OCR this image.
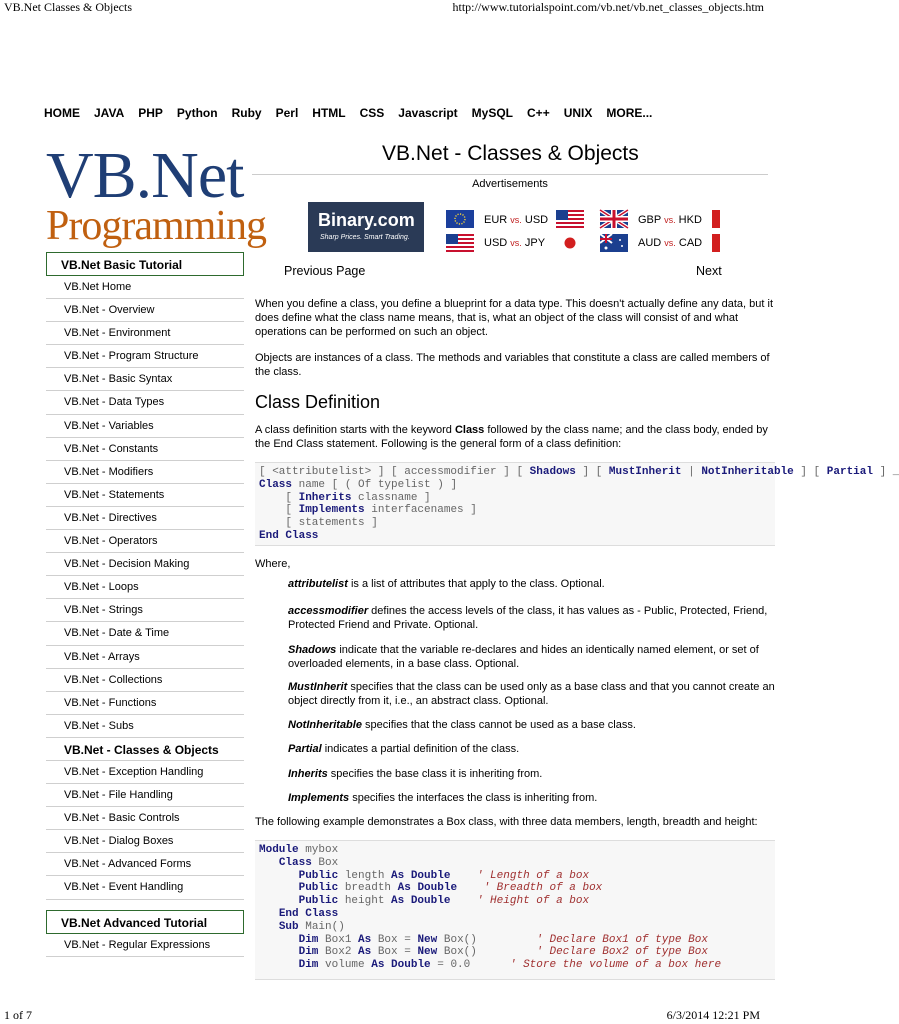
VB.Net Classes & Objects	http://www.tutorialspoint.com/vb.net/vb.net_classes_objects.htm
HOME JAVA PHP Python Ruby Perl HTML CSS Javascript MySQL C++ UNIX MORE...
VB.Net
Programming
VB.Net Basic Tutorial
VB.Net Home
VB.Net - Overview
VB.Net - Environment
VB.Net - Program Structure
VB.Net - Basic Syntax
VB.Net - Data Types
VB.Net - Variables
VB.Net - Constants
VB.Net - Modifiers
VB.Net - Statements
VB.Net - Directives
VB.Net - Operators
VB.Net - Decision Making
VB.Net - Loops
VB.Net - Strings
VB.Net - Date & Time
VB.Net - Arrays
VB.Net - Collections
VB.Net - Functions
VB.Net - Subs
VB.Net - Classes & Objects
VB.Net - Exception Handling
VB.Net - File Handling
VB.Net - Basic Controls
VB.Net - Dialog Boxes
VB.Net - Advanced Forms
VB.Net - Event Handling
VB.Net Advanced Tutorial
VB.Net - Regular Expressions
VB.Net - Classes & Objects
Advertisements
Binary.com
Sharp Prices. Smart Trading.
EUR vs. USD
USD vs. JPY
GBP vs. HKD
AUD vs. CAD
Previous Page	Next
When you define a class, you define a blueprint for a data type. This doesn't actually define any data, but it does define what the class name means, that is, what an object of the class will consist of and what operations can be performed on such an object.
Objects are instances of a class. The methods and variables that constitute a class are called members of the class.
Class Definition
A class definition starts with the keyword Class followed by the class name; and the class body, ended by the End Class statement. Following is the general form of a class definition:
[ <attributelist> ] [ accessmodifier ] [ Shadows ] [ MustInherit | NotInheritable ] [ Partial ] _
Class name [ ( Of typelist ) ]
[ Inherits classname ]
[ Implements interfacenames ]
[ statements ]
End Class
Where,
attributelist is a list of attributes that apply to the class. Optional.
accessmodifier defines the access levels of the class, it has values as - Public, Protected, Friend, Protected Friend and Private. Optional.
Shadows indicate that the variable re-declares and hides an identically named element, or set of overloaded elements, in a base class. Optional.
MustInherit specifies that the class can be used only as a base class and that you cannot create an object directly from it, i.e., an abstract class. Optional.
NotInheritable specifies that the class cannot be used as a base class.
Partial indicates a partial definition of the class.
Inherits specifies the base class it is inheriting from.
Implements specifies the interfaces the class is inheriting from.
The following example demonstrates a Box class, with three data members, length, breadth and height:
Module mybox
Class Box
Public length As Double ' Length of a box
Public breadth As Double ' Breadth of a box
Public height As Double ' Height of a box
End Class
Sub Main()
Dim Box1 As Box = New Box()         ' Declare Box1 of type Box
Dim Box2 As Box = New Box()         ' Declare Box2 of type Box
Dim volume As Double = 0.0      ' Store the volume of a box here
1 of 7	6/3/2014 12:21 PM
